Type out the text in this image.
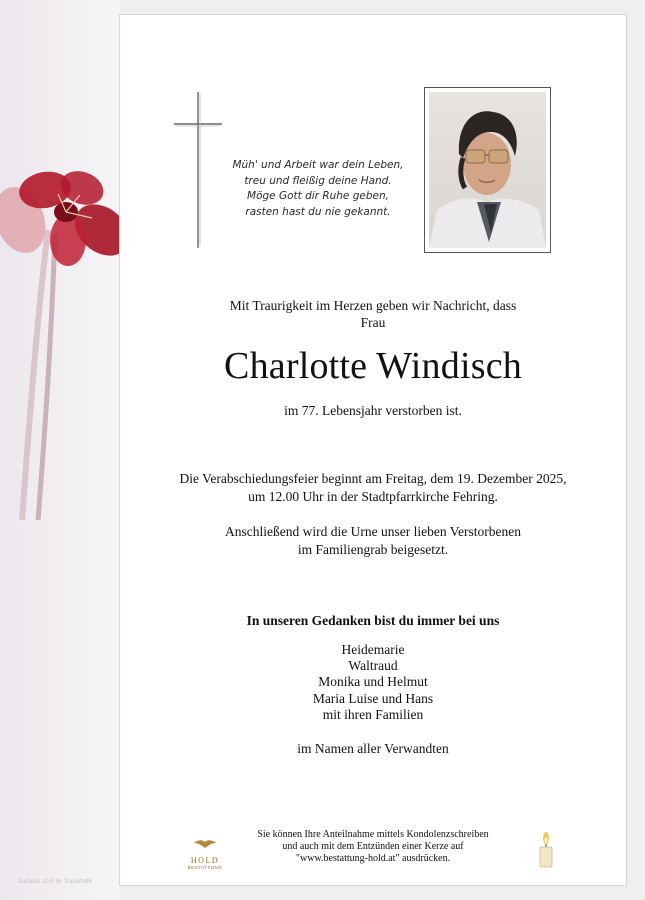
Müh' und Arbeit war dein Leben,
treu und fleißig deine Hand.
Möge Gott dir Ruhe geben,
rasten hast du nie gekannt.
Mit Traurigkeit im Herzen geben wir Nachricht, dass
Frau
Charlotte Windisch
im 77. Lebensjahr verstorben ist.
Die Verabschiedungsfeier beginnt am Freitag, dem 19. Dezember 2025,
um 12.00 Uhr in der Stadtpfarrkirche Fehring.
Anschließend wird die Urne unser lieben Verstorbenen
im Familiengrab beigesetzt.
In unseren Gedanken bist du immer bei uns
Heidemarie
Waltraud
Monika und Helmut
Maria Luise und Hans
mit ihren Familien
im Namen aller Verwandten
HOLD
BESTATTUNG
Sie können Ihre Anteilnahme mittels Kondolenzschreiben
und auch mit dem Entzünden einer Kerze auf
"www.bestattung-hold.at" ausdrücken.
Sarbach 10-8 by Trauerhilfe
